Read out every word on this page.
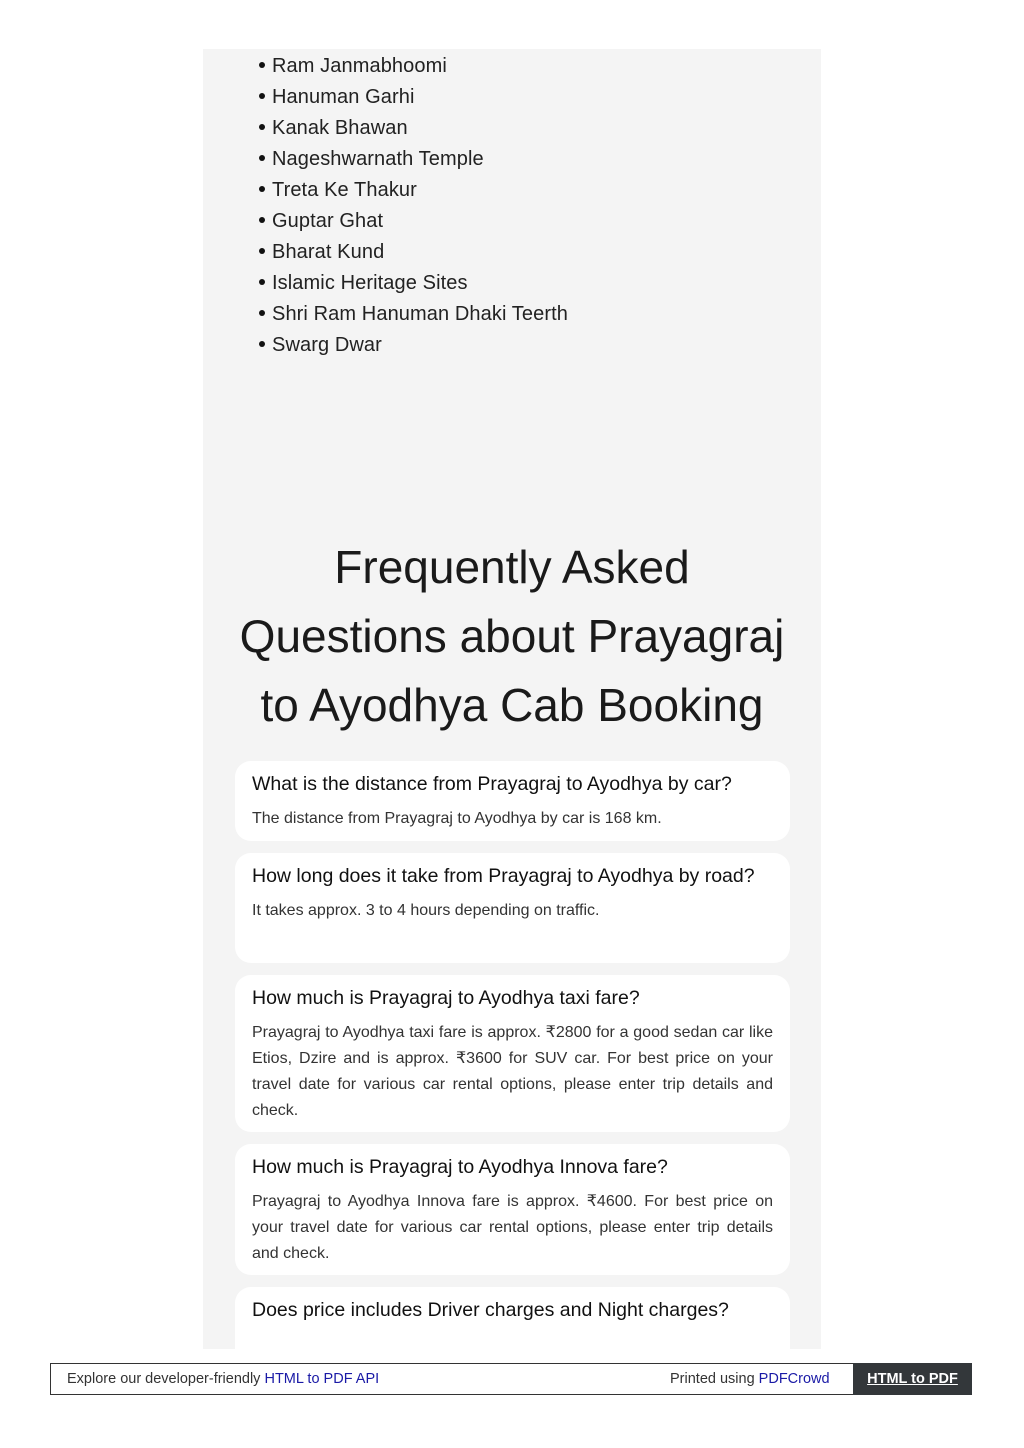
Ram Janmabhoomi
Hanuman Garhi
Kanak Bhawan
Nageshwarnath Temple
Treta Ke Thakur
Guptar Ghat
Bharat Kund
Islamic Heritage Sites
Shri Ram Hanuman Dhaki Teerth
Swarg Dwar
Frequently Asked
Questions about Prayagraj
to Ayodhya Cab Booking

What is the distance from Prayagraj to Ayodhya by car?

The distance from Prayagraj to Ayodhya by car is 168 km.

How long does it take from Prayagraj to Ayodhya by road?

It takes approx. 3 to 4 hours depending on traffic.

How much is Prayagraj to Ayodhya taxi fare?

Prayagraj to Ayodhya taxi fare is approx. ₹2800 for a good sedan car like Etios, Dzire and is approx. ₹3600 for SUV car. For best price on your travel date for various car rental options, please enter trip details and check.

How much is Prayagraj to Ayodhya Innova fare?

Prayagraj to Ayodhya Innova fare is approx. ₹4600. For best price on your travel date for various car rental options, please enter trip details and check.

Does price includes Driver charges and Night charges?

Explore our developer-friendly HTML to PDF API	Printed using PDFCrowd	HTML to PDF
